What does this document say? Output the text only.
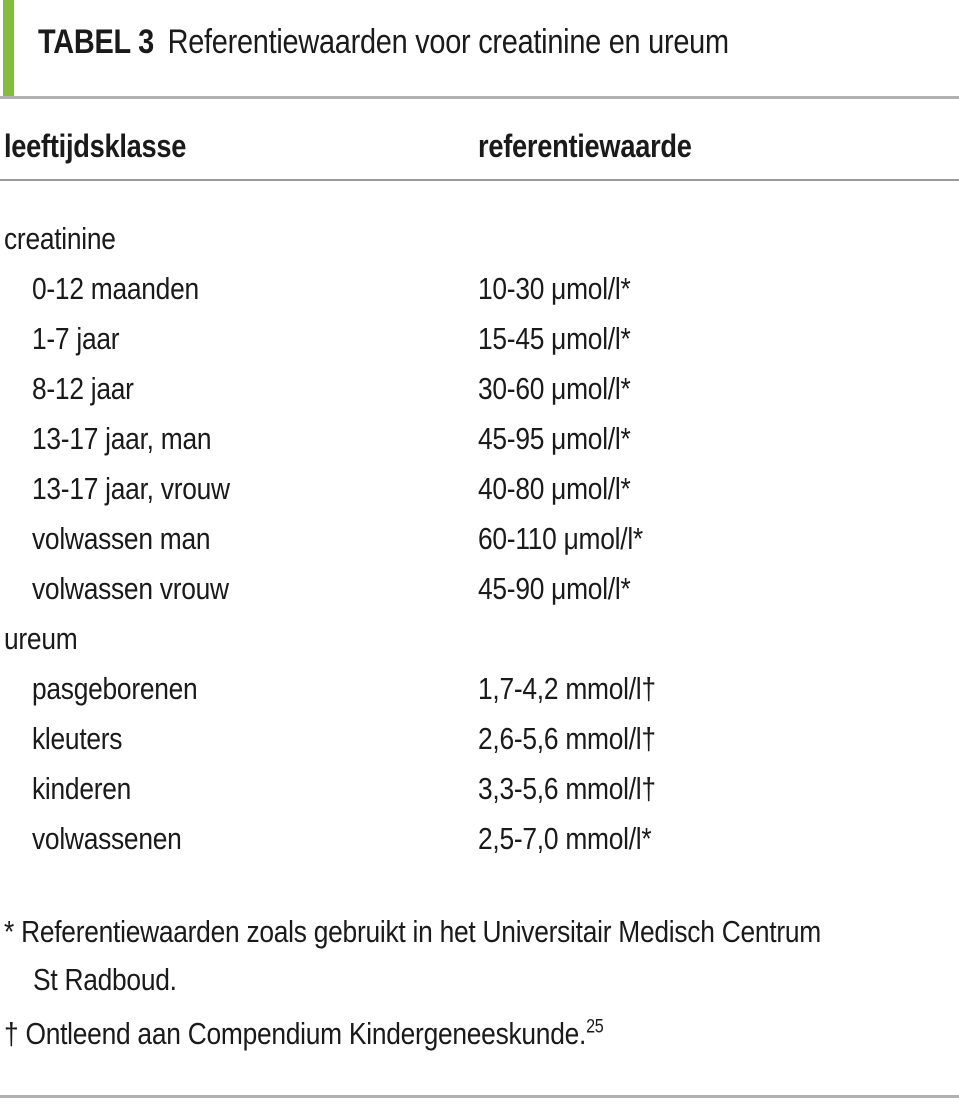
TABEL 3 Referentiewaarden voor creatinine en ureum
leeftijdsklasse	referentiewaarde
creatinine
0-12 maanden	10-30 μmol/l*
1-7 jaar	15-45 μmol/l*
8-12 jaar	30-60 μmol/l*
13-17 jaar, man	45-95 μmol/l*
13-17 jaar, vrouw	40-80 μmol/l*
volwassen man	60-110 μmol/l*
volwassen vrouw	45-90 μmol/l*
ureum
pasgeborenen	1,7-4,2 mmol/l†
kleuters	2,6-5,6 mmol/l†
kinderen	3,3-5,6 mmol/l†
volwassenen	2,5-7,0 mmol/l*
* Referentiewaarden zoals gebruikt in het Universitair Medisch Centrum
St Radboud.
† Ontleend aan Compendium Kindergeneeskunde.$^{25}$
